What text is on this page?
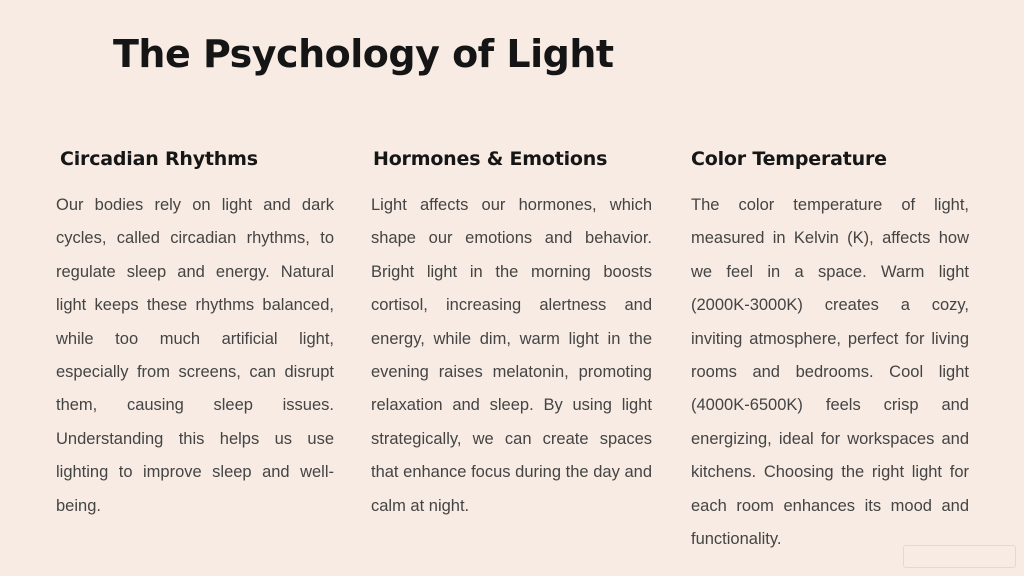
The Psychology of Light
Circadian Rhythms

Our bodies rely on light and dark cycles, called circadian rhythms, to regulate sleep and energy. Natural light keeps these rhythms balanced, while too much artificial light, especially from screens, can disrupt them, causing sleep issues. Understanding this helps us use lighting to improve sleep and well-being.

Hormones & Emotions

Light affects our hormones, which shape our emotions and behavior. Bright light in the morning boosts cortisol, increasing alertness and energy, while dim, warm light in the evening raises melatonin, promoting relaxation and sleep. By using light strategically, we can create spaces that enhance focus during the day and calm at night.

Color Temperature

The color temperature of light, measured in Kelvin (K), affects how we feel in a space. Warm light (2000K-3000K) creates a cozy, inviting atmosphere, perfect for living rooms and bedrooms. Cool light (4000K-6500K) feels crisp and energizing, ideal for workspaces and kitchens. Choosing the right light for each room enhances its mood and functionality.
